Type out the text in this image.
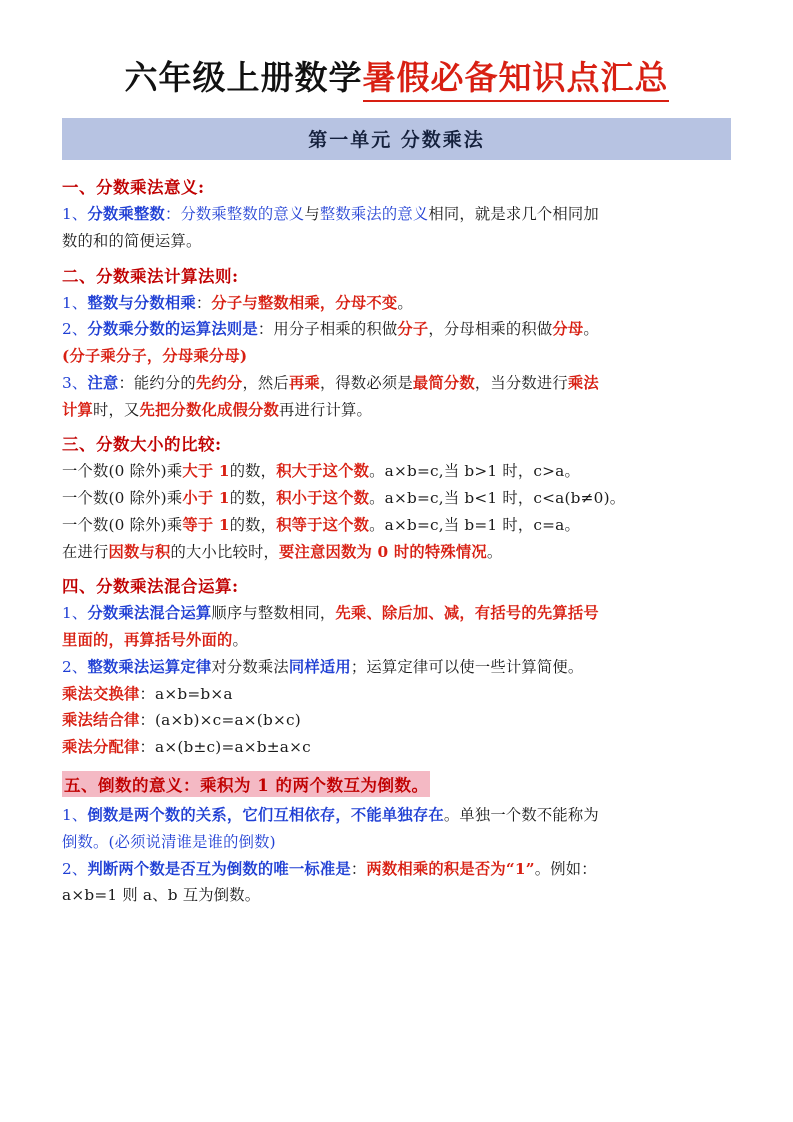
六年级上册数学 暑假必备知识点汇总
第一单元 分数乘法
一、分数乘法意义:
1、分数乘整数：分数乘整数的意义与整数乘法的意义相同，就是求几个相同加
数的和的简便运算。
二、分数乘法计算法则:
1、整数与分数相乘：分子与整数相乘，分母不变。
2、分数乘分数的运算法则是：用分子相乘的积做分子，分母相乘的积做分母。
(分子乘分子，分母乘分母)
3、注意：能约分的先约分，然后再乘，得数必须是最简分数，当分数进行乘法
计算时，又先把分数化成假分数再进行计算。
三、分数大小的比较:
一个数(0 除外)乘大于 1的数，积大于这个数。a×b=c,当 b>1 时，c>a。
一个数(0 除外)乘小于 1的数，积小于这个数。a×b=c,当 b<1 时，c<a(b≠0)。
一个数(0 除外)乘等于 1的数，积等于这个数。a×b=c,当 b=1 时，c=a。
在进行因数与积的大小比较时，要注意因数为 0 时的特殊情况。
四、分数乘法混合运算:
1、分数乘法混合运算顺序与整数相同，先乘、除后加、减，有括号的先算括号
里面的，再算括号外面的。
2、整数乘法运算定律对分数乘法同样适用；运算定律可以使一些计算简便。
乘法交换律：a×b=b×a
乘法结合律：(a×b)×c=a×(b×c)
乘法分配律：a×(b±c)=a×b±a×c
五、倒数的意义：乘积为 1 的两个数互为倒数。
1、倒数是两个数的关系，它们互相依存，不能单独存在。单独一个数不能称为
倒数。(必须说清谁是谁的倒数)
2、判断两个数是否互为倒数的唯一标准是：两数相乘的积是否为“1”。例如：
a×b=1 则 a、b 互为倒数。
